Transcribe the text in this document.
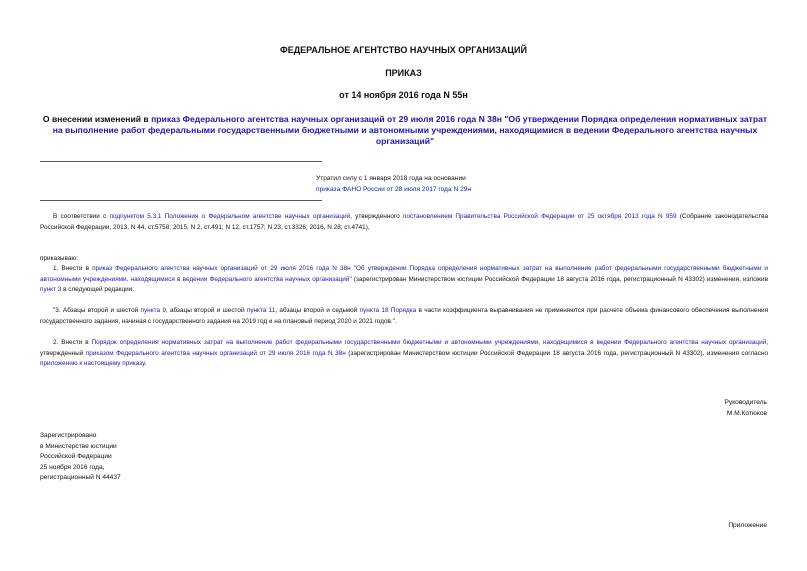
ФЕДЕРАЛЬНОЕ АГЕНТСТВО НАУЧНЫХ ОРГАНИЗАЦИЙ
ПРИКАЗ
от 14 ноября 2016 года N 55н
О внесении изменений в приказ Федерального агентства научных организаций от 29 июля 2016 года N 38н "Об утверждении Порядка определения нормативных затрат на выполнение работ федеральными государственными бюджетными и автономными учреждениями, находящимися в ведении Федерального агентства научных организаций"
Утратил силу с 1 января 2018 года на основании
приказа ФАНО России от 28 июля 2017 года N 29н
В соответствии с подпунктом 5.3.1 Положения о Федеральном агентстве научных организаций, утвержденного постановлением Правительства Российской Федерации от 25 октября 2013 года N 959 (Собрание законодательства Российской Федерации, 2013, N 44, ст.5758; 2015, N 2, ст.491; N 12, ст.1757; N 23, ст.3326; 2016, N 28, ст.4741),
приказываю:
1. Внести в приказ Федерального агентства научных организаций от 29 июля 2016 года N 38н "Об утверждении Порядка определения нормативных затрат на выполнение работ федеральными государственными бюджетными и автономными учреждениями, находящимися в ведении Федерального агентства научных организаций" (зарегистрирован Министерством юстиции Российской Федерации 18 августа 2016 года, регистрационный N 43302) изменения, изложив пункт 3 в следующей редакции:
"3. Абзацы второй и шестой пункта 9, абзацы второй и шестой пункта 11, абзацы второй и седьмой пункта 18 Порядка в части коэффициента выравнивания не применяются при расчете объема финансового обеспечения выполнения государственного задания, начиная с государственного задания на 2019 год и на плановый период 2020 и 2021 годов.".
2. Внести в Порядок определения нормативных затрат на выполнение работ федеральными государственными бюджетными и автономными учреждениями, находящимися в ведении Федерального агентства научных организаций, утвержденный приказом Федерального агентства научных организаций от 29 июля 2016 года N 38н (зарегистрирован Министерством юстиции Российской Федерации 18 августа 2016 года, регистрационный N 43302), изменения согласно приложению к настоящему приказу.
Руководитель
М.М.Котюков
Зарегистрировано
в Министерстве юстиции
Российской Федерации
25 ноября 2016 года,
регистрационный N 44437
Приложение
